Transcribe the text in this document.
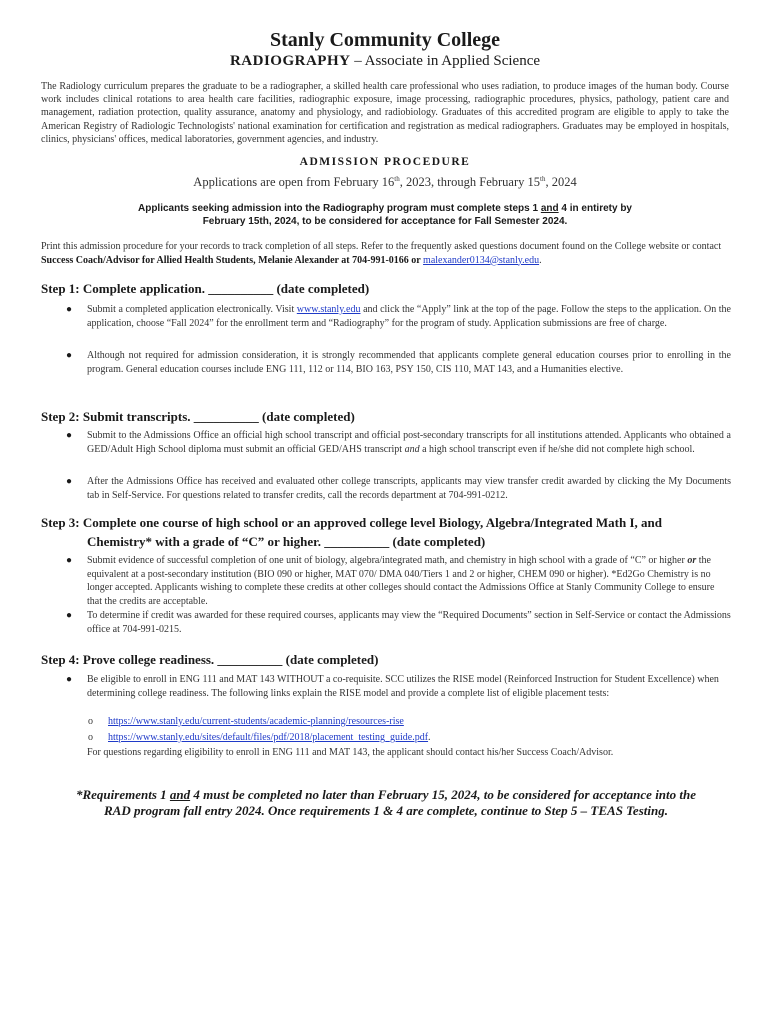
Stanly Community College
RADIOGRAPHY – Associate in Applied Science
The Radiology curriculum prepares the graduate to be a radiographer, a skilled health care professional who uses radiation, to produce images of the human body. Course work includes clinical rotations to area health care facilities, radiographic exposure, image processing, radiographic procedures, physics, pathology, patient care and management, radiation protection, quality assurance, anatomy and physiology, and radiobiology. Graduates of this accredited program are eligible to apply to take the American Registry of Radiologic Technologists' national examination for certification and registration as medical radiographers. Graduates may be employed in hospitals, clinics, physicians' offices, medical laboratories, government agencies, and industry.
ADMISSION PROCEDURE
Applications are open from February 16th, 2023, through February 15th, 2024
Applicants seeking admission into the Radiography program must complete steps 1 and 4 in entirety by
February 15th, 2024, to be considered for acceptance for Fall Semester 2024.
Print this admission procedure for your records to track completion of all steps. Refer to the frequently asked questions document found on the College website or contact Success Coach/Advisor for Allied Health Students, Melanie Alexander at 704-991-0166 or malexander0134@stanly.edu.
Step 1: Complete application. __________ (date completed)
● Submit a completed application electronically. Visit www.stanly.edu and click the “Apply” link at the top of the page. Follow the steps to the application. On the application, choose “Fall 2024” for the enrollment term and “Radiography” for the program of study. Application submissions are free of charge.
● Although not required for admission consideration, it is strongly recommended that applicants complete general education courses prior to enrolling in the program. General education courses include ENG 111, 112 or 114, BIO 163, PSY 150, CIS 110, MAT 143, and a Humanities elective.
Step 2: Submit transcripts. __________ (date completed)
● Submit to the Admissions Office an official high school transcript and official post-secondary transcripts for all institutions attended. Applicants who obtained a GED/Adult High School diploma must submit an official GED/AHS transcript and a high school transcript even if he/she did not complete high school.
● After the Admissions Office has received and evaluated other college transcripts, applicants may view transfer credit awarded by clicking the My Documents tab in Self-Service. For questions related to transfer credits, call the records department at 704-991-0212.
Step 3: Complete one course of high school or an approved college level Biology, Algebra/Integrated Math I, and
Chemistry* with a grade of “C” or higher. __________ (date completed)
● Submit evidence of successful completion of one unit of biology, algebra/integrated math, and chemistry in high school with a grade of “C” or higher or the equivalent at a post-secondary institution (BIO 090 or higher, MAT 070/ DMA 040/Tiers 1 and 2 or higher, CHEM 090 or higher). *Ed2Go Chemistry is no longer accepted. Applicants wishing to complete these credits at other colleges should contact the Admissions Office at Stanly Community College to ensure that the credits are acceptable.
● To determine if credit was awarded for these required courses, applicants may view the “Required Documents” section in Self-Service or contact the Admissions office at 704-991-0215.
Step 4: Prove college readiness. __________ (date completed)
● Be eligible to enroll in ENG 111 and MAT 143 WITHOUT a co-requisite. SCC utilizes the RISE model (Reinforced Instruction for Student Excellence) when determining college readiness. The following links explain the RISE model and provide a complete list of eligible placement tests:
o https://www.stanly.edu/current-students/academic-planning/resources-rise
o https://www.stanly.edu/sites/default/files/pdf/2018/placement_testing_guide.pdf.
For questions regarding eligibility to enroll in ENG 111 and MAT 143, the applicant should contact his/her Success Coach/Advisor.
*Requirements 1 and 4 must be completed no later than February 15, 2024, to be considered for acceptance into the
RAD program fall entry 2024. Once requirements 1 & 4 are complete, continue to Step 5 – TEAS Testing.
